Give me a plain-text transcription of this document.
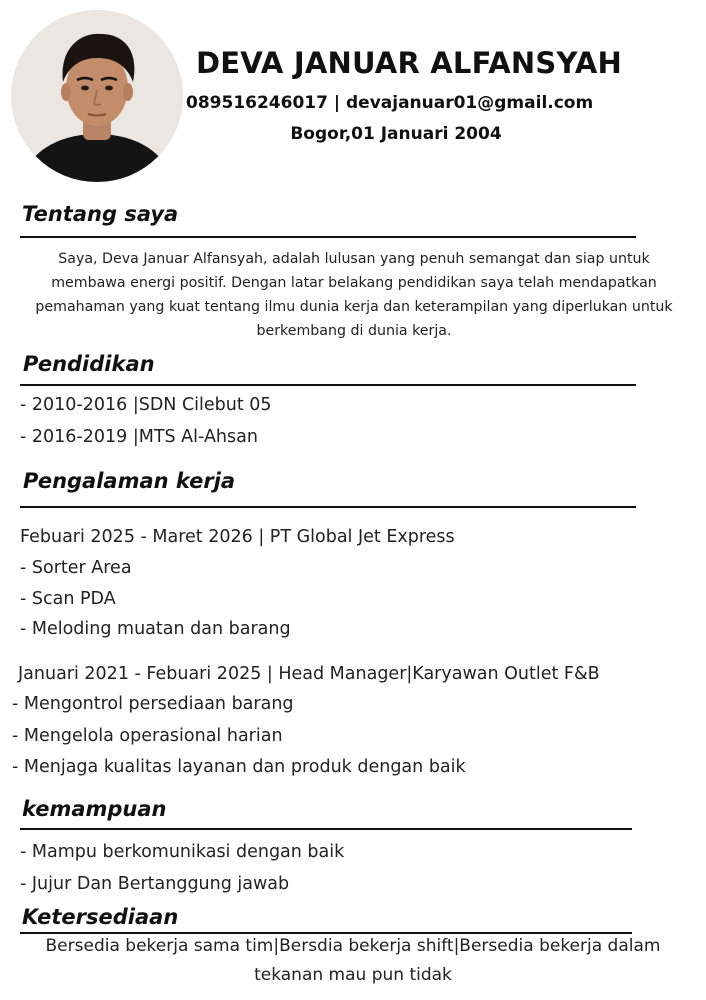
DEVA JANUAR ALFANSYAH
089516246017 | devajanuar01@gmail.com
Bogor,01 Januari 2004
Tentang saya
Saya, Deva Januar Alfansyah, adalah lulusan yang penuh semangat dan siap untuk membawa energi positif. Dengan latar belakang pendidikan saya telah mendapatkan pemahaman yang kuat tentang ilmu dunia kerja dan keterampilan yang diperlukan untuk berkembang di dunia kerja.
Pendidikan
- 2010-2016 |SDN Cilebut 05
- 2016-2019 |MTS Al-Ahsan
Pengalaman kerja
Febuari 2025 - Maret 2026 | PT Global Jet Express
- Sorter Area
- Scan PDA
- Meloding muatan dan barang
Januari 2021 - Febuari 2025 | Head Manager|Karyawan Outlet F&B
- Mengontrol persediaan barang
- Mengelola operasional harian
- Menjaga kualitas layanan dan produk dengan baik
kemampuan
- Mampu berkomunikasi dengan baik
- Jujur Dan Bertanggung jawab
Ketersediaan
Bersedia bekerja sama tim|Bersdia bekerja shift|Bersedia bekerja dalam
tekanan mau pun tidak
